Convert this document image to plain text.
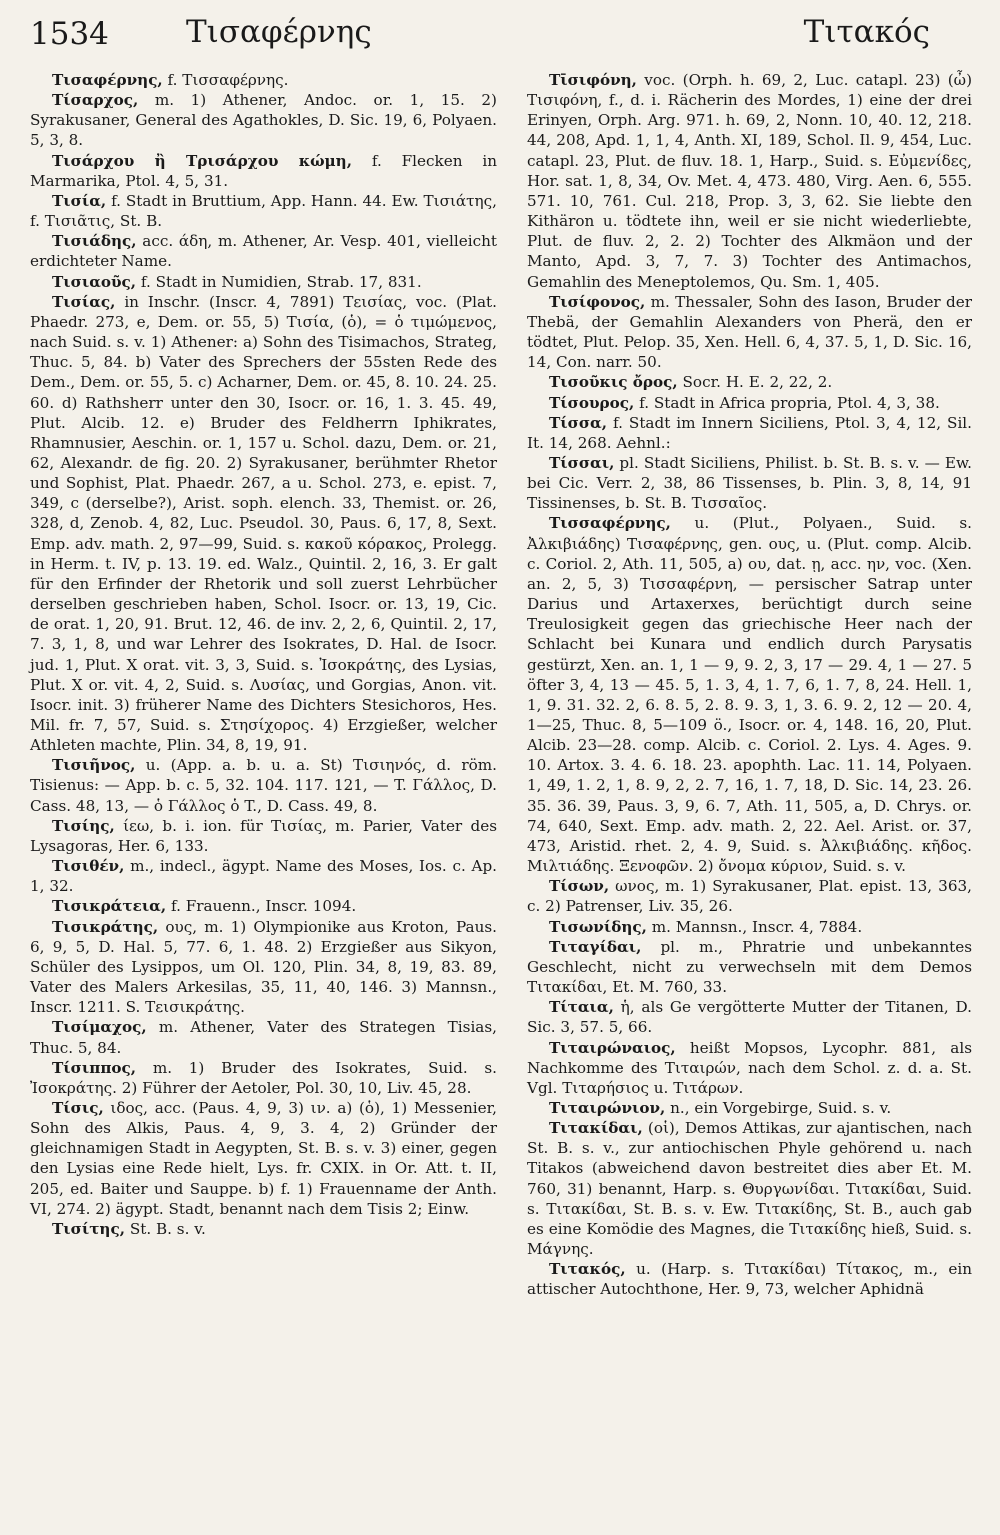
1534 Τισαφέρνης	Τιτακός

Τισαφέρνης, f. Τισσαφέρνης.

Τίσαρχος, m. 1) Athener, Andoc. or. 1, 15. 2) Syrakusaner, General des Agathokles, D. Sic. 19, 6, Polyaen. 5, 3, 8.

Τισάρχου ἢ Τρισάρχου κώμη, f. Flecken in Marmarika, Ptol. 4, 5, 31.

Τισία, f. Stadt in Bruttium, App. Hann. 44. Ew. Τισιάτης, f. Τισιᾶτις, St. B.

Τισιάδης, acc. άδη, m. Athener, Ar. Vesp. 401, vielleicht erdichteter Name.

Τισιαοῦς, f. Stadt in Numidien, Strab. 17, 831.

Τισίας, in Inschr. (Inscr. 4, 7891) Τεισίας, voc. (Plat. Phaedr. 273, e, Dem. or. 55, 5) Τισία, (ὁ), = ὁ τιμώμενος, nach Suid. s. v. 1) Athener: a) Sohn des Tisimachos, Strateg, Thuc. 5, 84. b) Vater des Sprechers der 55sten Rede des Dem., Dem. or. 55, 5. c) Acharner, Dem. or. 45, 8. 10. 24. 25. 60. d) Rathsherr unter den 30, Isocr. or. 16, 1. 3. 45. 49, Plut. Alcib. 12. e) Bruder des Feldherrn Iphikrates, Rhamnusier, Aeschin. or. 1, 157 u. Schol. dazu, Dem. or. 21, 62, Alexandr. de fig. 20. 2) Syrakusaner, berühmter Rhetor und Sophist, Plat. Phaedr. 267, a u. Schol. 273, e. epist. 7, 349, c (derselbe?), Arist. soph. elench. 33, Themist. or. 26, 328, d, Zenob. 4, 82, Luc. Pseudol. 30, Paus. 6, 17, 8, Sext. Emp. adv. math. 2, 97—99, Suid. s. κακοῦ κόρακος, Prolegg. in Herm. t. IV, p. 13. 19. ed. Walz., Quintil. 2, 16, 3. Er galt für den Erfinder der Rhetorik und soll zuerst Lehrbücher derselben geschrieben haben, Schol. Isocr. or. 13, 19, Cic. de orat. 1, 20, 91. Brut. 12, 46. de inv. 2, 2, 6, Quintil. 2, 17, 7. 3, 1, 8, und war Lehrer des Isokrates, D. Hal. de Isocr. jud. 1, Plut. X orat. vit. 3, 3, Suid. s. Ἰσοκράτης, des Lysias, Plut. X or. vit. 4, 2, Suid. s. Λυσίας, und Gorgias, Anon. vit. Isocr. init. 3) früherer Name des Dichters Stesichoros, Hes. Mil. fr. 7, 57, Suid. s. Στησίχορος. 4) Erzgießer, welcher Athleten machte, Plin. 34, 8, 19, 91.

Τισιῆνος, u. (App. a. b. u. a. St) Τισιηνός, d. röm. Tisienus: — App. b. c. 5, 32. 104. 117. 121, — T. Γάλλος, D. Cass. 48, 13, — ὁ Γάλλος ὁ T., D. Cass. 49, 8.

Τισίης, ίεω, b. i. ion. für Τισίας, m. Parier, Vater des Lysagoras, Her. 6, 133.

Τισιθέν, m., indecl., ägypt. Name des Moses, Ios. c. Ap. 1, 32.

Τισικράτεια, f. Frauenn., Inscr. 1094.

Τισικράτης, ους, m. 1) Olympionike aus Kroton, Paus. 6, 9, 5, D. Hal. 5, 77. 6, 1. 48. 2) Erzgießer aus Sikyon, Schüler des Lysippos, um Ol. 120, Plin. 34, 8, 19, 83. 89, Vater des Malers Arkesilas, 35, 11, 40, 146. 3) Mannsn., Inscr. 1211. S. Τεισικράτης.

Τισίμαχος, m. Athener, Vater des Strategen Tisias, Thuc. 5, 84.

Τίσιππος, m. 1) Bruder des Isokrates, Suid. s. Ἰσοκράτης. 2) Führer der Aetoler, Pol. 30, 10, Liv. 45, 28.

Τίσις, ιδος, acc. (Paus. 4, 9, 3) ιν. a) (ὁ), 1) Messenier, Sohn des Alkis, Paus. 4, 9, 3. 4, 2) Gründer der gleichnamigen Stadt in Aegypten, St. B. s. v. 3) einer, gegen den Lysias eine Rede hielt, Lys. fr. CXIX. in Or. Att. t. II, 205, ed. Baiter und Sauppe. b) f. 1) Frauenname der Anth. VI, 274. 2) ägypt. Stadt, benannt nach dem Tisis 2; Einw.

Τισίτης, St. B. s. v.

Τῑσιφόνη, voc. (Orph. h. 69, 2, Luc. catapl. 23) (ὦ) Τισιφόνη, f., d. i. Rächerin des Mordes, 1) eine der drei Erinyen, Orph. Arg. 971. h. 69, 2, Nonn. 10, 40. 12, 218. 44, 208, Apd. 1, 1, 4, Anth. XI, 189, Schol. Il. 9, 454, Luc. catapl. 23, Plut. de fluv. 18. 1, Harp., Suid. s. Εὐμενίδες, Hor. sat. 1, 8, 34, Ov. Met. 4, 473. 480, Virg. Aen. 6, 555. 571. 10, 761. Cul. 218, Prop. 3, 3, 62. Sie liebte den Kithäron u. tödtete ihn, weil er sie nicht wiederliebte, Plut. de fluv. 2, 2. 2) Tochter des Alkmäon und der Manto, Apd. 3, 7, 7. 3) Tochter des Antimachos, Gemahlin des Meneptolemos, Qu. Sm. 1, 405.

Τισίφονος, m. Thessaler, Sohn des Iason, Bruder der Thebä, der Gemahlin Alexanders von Pherä, den er tödtet, Plut. Pelop. 35, Xen. Hell. 6, 4, 37. 5, 1, D. Sic. 16, 14, Con. narr. 50.

Τισοῦκις ὄρος, Socr. H. E. 2, 22, 2.

Τίσουρος, f. Stadt in Africa propria, Ptol. 4, 3, 38.

Τίσσα, f. Stadt im Innern Siciliens, Ptol. 3, 4, 12, Sil. It. 14, 268. Aehnl.:

Τίσσαι, pl. Stadt Siciliens, Philist. b. St. B. s. v. — Ew. bei Cic. Verr. 2, 38, 86 Tissenses, b. Plin. 3, 8, 14, 91 Tissinenses, b. St. B. Τισσαῖος.

Τισσαφέρνης, u. (Plut., Polyaen., Suid. s. Ἀλκιβιάδης) Τισαφέρνης, gen. ους, u. (Plut. comp. Alcib. c. Coriol. 2, Ath. 11, 505, a) ου, dat. ῃ, acc. ην, voc. (Xen. an. 2, 5, 3) Τισσαφέρνη, — persischer Satrap unter Darius und Artaxerxes, berüchtigt durch seine Treulosigkeit gegen das griechische Heer nach der Schlacht bei Kunara und endlich durch Parysatis gestürzt, Xen. an. 1, 1 — 9, 9. 2, 3, 17 — 29. 4, 1 — 27. 5 öfter 3, 4, 13 — 45. 5, 1. 3, 4, 1. 7, 6, 1. 7, 8, 24. Hell. 1, 1, 9. 31. 32. 2, 6. 8. 5, 2. 8. 9. 3, 1, 3. 6. 9. 2, 12 — 20. 4, 1—25, Thuc. 8, 5—109 ö., Isocr. or. 4, 148. 16, 20, Plut. Alcib. 23—28. comp. Alcib. c. Coriol. 2. Lys. 4. Ages. 9. 10. Artox. 3. 4. 6. 18. 23. apophth. Lac. 11. 14, Polyaen. 1, 49, 1. 2, 1, 8. 9, 2, 2. 7, 16, 1. 7, 18, D. Sic. 14, 23. 26. 35. 36. 39, Paus. 3, 9, 6. 7, Ath. 11, 505, a, D. Chrys. or. 74, 640, Sext. Emp. adv. math. 2, 22. Ael. Arist. or. 37, 473, Aristid. rhet. 2, 4. 9, Suid. s. Ἀλκιβιάδης. κῆδος. Μιλτιάδης. Ξενοφῶν. 2) ὄνομα κύριον, Suid. s. v.

Τίσων, ωνος, m. 1) Syrakusaner, Plat. epist. 13, 363, c. 2) Patrenser, Liv. 35, 26.

Τισωνίδης, m. Mannsn., Inscr. 4, 7884.

Τιταγίδαι, pl. m., Phratrie und unbekanntes Geschlecht, nicht zu verwechseln mit dem Demos Τιτακίδαι, Et. M. 760, 33.

Τίταια, ἡ, als Ge vergötterte Mutter der Titanen, D. Sic. 3, 57. 5, 66.

Τιταιρώναιος, heißt Mopsos, Lycophr. 881, als Nachkomme des Τιταιρών, nach dem Schol. z. d. a. St. Vgl. Τιταρήσιος u. Τιτάρων.

Τιταιρώνιον, n., ein Vorgebirge, Suid. s. v.

Τιτακίδαι, (οἱ), Demos Attikas, zur ajantischen, nach St. B. s. v., zur antiochischen Phyle gehörend u. nach Titakos (abweichend davon bestreitet dies aber Et. M. 760, 31) benannt, Harp. s. Θυργωνίδαι. Τιτακίδαι, Suid. s. Τιτακίδαι, St. B. s. v. Ew. Τιτακίδης, St. B., auch gab es eine Komödie des Magnes, die Τιτακίδης hieß, Suid. s. Μάγνης.

Τιτακός, u. (Harp. s. Τιτακίδαι) Τίτακος, m., ein attischer Autochthone, Her. 9, 73, welcher Aphidnä
